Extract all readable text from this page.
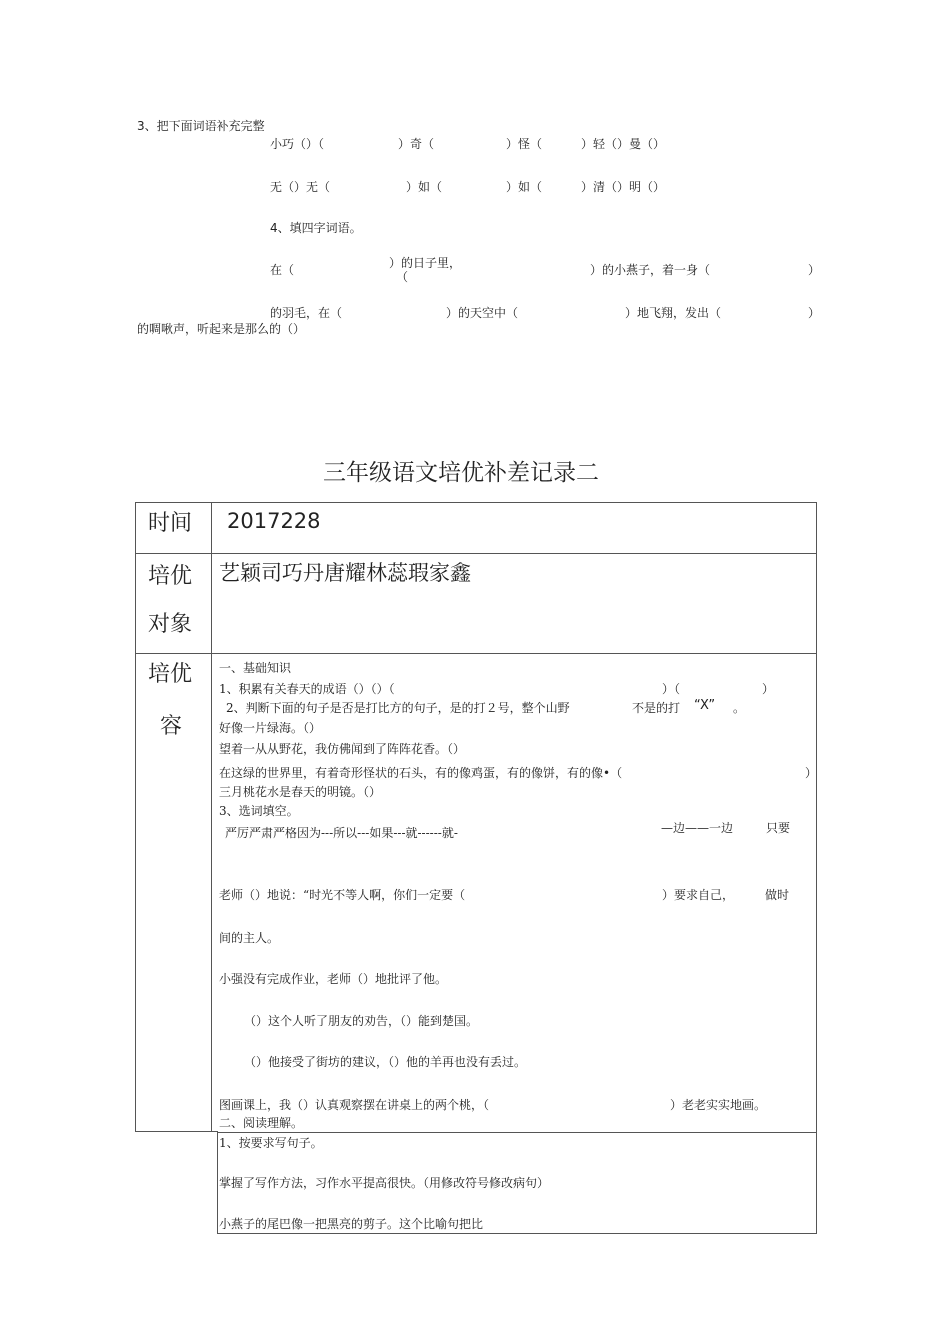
3、把下面词语补充完整
小巧（）（	）奇（	）怪（	）轻（）曼（）
无（）无（	）如（	）如（	）清（）明（）
4、填四字词语。
在（	）的日子里，
（	）的小燕子，着一身（	）
的羽毛，在（	）的天空中（	）地飞翔，发出（	）
的啁啾声，听起来是那么的（）
三年级语文培优补差记录二
时间 2017228
培优
对象
艺颖司巧丹唐耀林蕊瑕家鑫
培优
容
一、基础知识
1、积累有关春天的成语（）（）（	）（	）
2、判断下面的句子是否是打比方的句子，是的打２号，整个山野	不是的打 “X” 。
好像一片绿海。（）
望着一从从野花，我仿佛闻到了阵阵花香。（）
在这绿的世界里，有着奇形怪状的石头，有的像鸡蛋，有的像饼，有的像•（	）
三月桃花水是春天的明镜。（）
3、选词填空。
严厉严肃严格因为---所以---如果---就------就-	—边——一边	只要
老师（）地说：“时光不等人啊，你们一定要（	）要求自己，	做时
间的主人。
小强没有完成作业，老师（）地批评了他。
（）这个人听了朋友的劝告，（）能到楚国。
（）他接受了街坊的建议，（）他的羊再也没有丢过。
图画课上，我（）认真观察摆在讲桌上的两个桃，（	）老老实实地画。
二、阅读理解。
1、按要求写句子。
掌握了写作方法，习作水平提高很快。（用修改符号修改病句）
小燕子的尾巴像一把黑亮的剪子。这个比喻句把比
